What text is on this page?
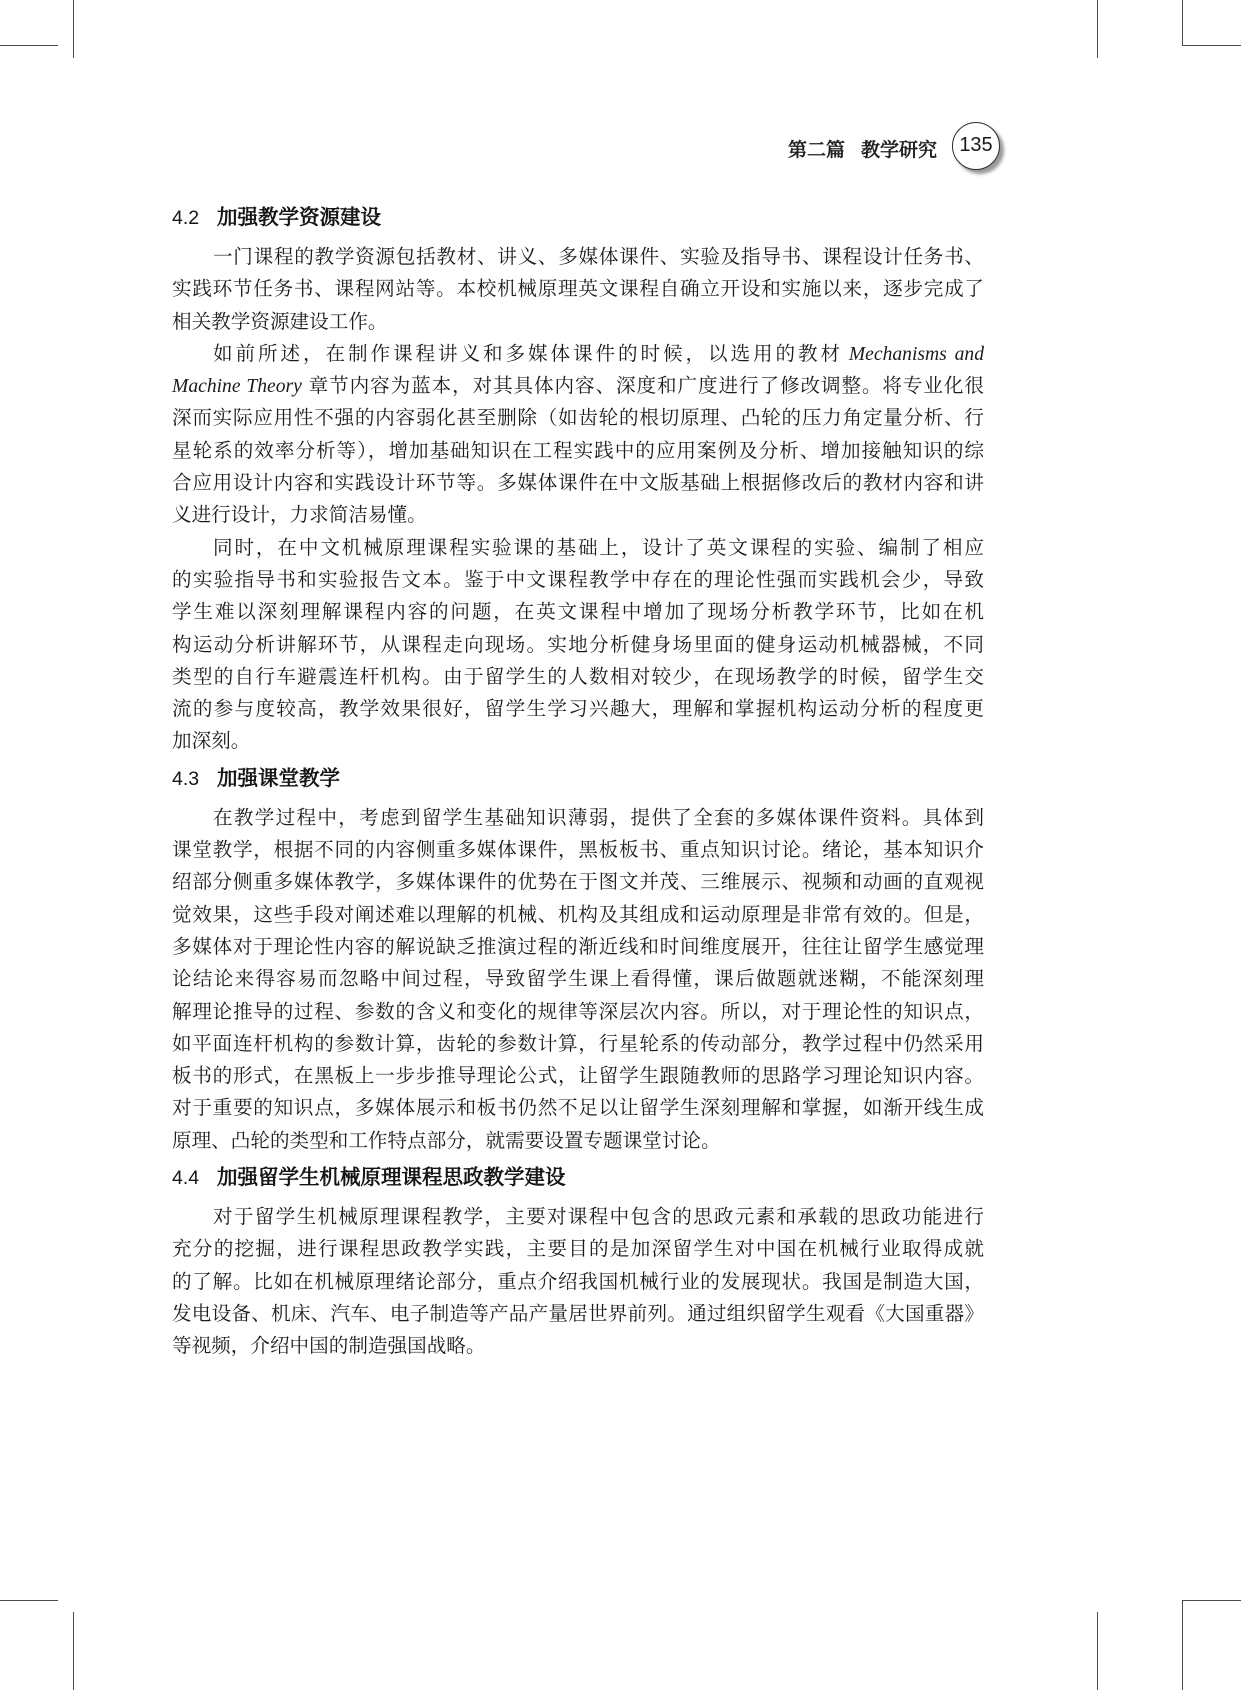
第二篇 教学研究	135
4.2 加强教学资源建设
一门课程的教学资源包括教材、讲义、多媒体课件、实验及指导书、课程设计任务书、
实践环节任务书、课程网站等。本校机械原理英文课程自确立开设和实施以来，逐步完成了
相关教学资源建设工作。
如前所述，在制作课程讲义和多媒体课件的时候，以选用的教材 Mechanisms and
Machine Theory 章节内容为蓝本，对其具体内容、深度和广度进行了修改调整。将专业化很
深而实际应用性不强的内容弱化甚至删除（如齿轮的根切原理、凸轮的压力角定量分析、行
星轮系的效率分析等），增加基础知识在工程实践中的应用案例及分析、增加接触知识的综
合应用设计内容和实践设计环节等。多媒体课件在中文版基础上根据修改后的教材内容和讲
义进行设计，力求简洁易懂。
同时，在中文机械原理课程实验课的基础上，设计了英文课程的实验、编制了相应
的实验指导书和实验报告文本。鉴于中文课程教学中存在的理论性强而实践机会少，导致
学生难以深刻理解课程内容的问题，在英文课程中增加了现场分析教学环节，比如在机
构运动分析讲解环节，从课程走向现场。实地分析健身场里面的健身运动机械器械，不同
类型的自行车避震连杆机构。由于留学生的人数相对较少，在现场教学的时候，留学生交
流的参与度较高，教学效果很好，留学生学习兴趣大，理解和掌握机构运动分析的程度更
加深刻。
4.3 加强课堂教学
在教学过程中，考虑到留学生基础知识薄弱，提供了全套的多媒体课件资料。具体到
课堂教学，根据不同的内容侧重多媒体课件，黑板板书、重点知识讨论。绪论，基本知识介
绍部分侧重多媒体教学，多媒体课件的优势在于图文并茂、三维展示、视频和动画的直观视
觉效果，这些手段对阐述难以理解的机械、机构及其组成和运动原理是非常有效的。但是，
多媒体对于理论性内容的解说缺乏推演过程的渐近线和时间维度展开，往往让留学生感觉理
论结论来得容易而忽略中间过程，导致留学生课上看得懂，课后做题就迷糊，不能深刻理
解理论推导的过程、参数的含义和变化的规律等深层次内容。所以，对于理论性的知识点，
如平面连杆机构的参数计算，齿轮的参数计算，行星轮系的传动部分，教学过程中仍然采用
板书的形式，在黑板上一步步推导理论公式，让留学生跟随教师的思路学习理论知识内容。
对于重要的知识点，多媒体展示和板书仍然不足以让留学生深刻理解和掌握，如渐开线生成
原理、凸轮的类型和工作特点部分，就需要设置专题课堂讨论。
4.4 加强留学生机械原理课程思政教学建设
对于留学生机械原理课程教学，主要对课程中包含的思政元素和承载的思政功能进行
充分的挖掘，进行课程思政教学实践，主要目的是加深留学生对中国在机械行业取得成就
的了解。比如在机械原理绪论部分，重点介绍我国机械行业的发展现状。我国是制造大国，
发电设备、机床、汽车、电子制造等产品产量居世界前列。通过组织留学生观看《大国重器》
等视频，介绍中国的制造强国战略。
